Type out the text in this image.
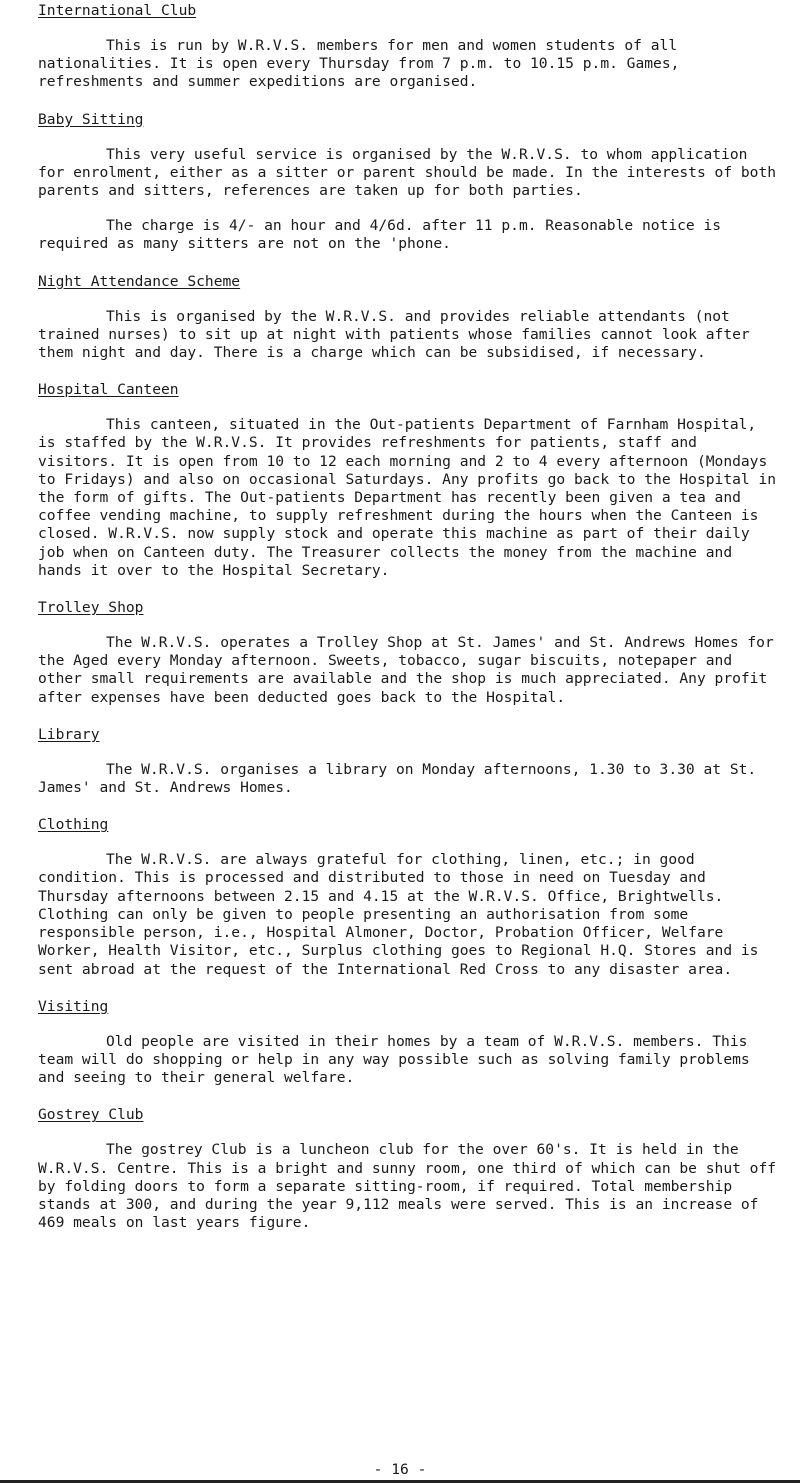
International Club

This is run by W.R.V.S. members for men and women students of all nationalities. It is open every Thursday from 7 p.m. to 10.15 p.m. Games, refreshments and summer expeditions are organised.

Baby Sitting

This very useful service is organised by the W.R.V.S. to whom application for enrolment, either as a sitter or parent should be made. In the interests of both parents and sitters, references are taken up for both parties.

The charge is 4/- an hour and 4/6d. after 11 p.m. Reasonable notice is required as many sitters are not on the 'phone.

Night Attendance Scheme

This is organised by the W.R.V.S. and provides reliable attendants (not trained nurses) to sit up at night with patients whose families cannot look after them night and day. There is a charge which can be subsidised, if necessary.

Hospital Canteen

This canteen, situated in the Out-patients Department of Farnham Hospital, is staffed by the W.R.V.S. It provides refreshments for patients, staff and visitors. It is open from 10 to 12 each morning and 2 to 4 every afternoon (Mondays to Fridays) and also on occasional Saturdays. Any profits go back to the Hospital in the form of gifts. The Out-patients Department has recently been given a tea and coffee vending machine, to supply refreshment during the hours when the Canteen is closed. W.R.V.S. now supply stock and operate this machine as part of their daily job when on Canteen duty. The Treasurer collects the money from the machine and hands it over to the Hospital Secretary.

Trolley Shop

The W.R.V.S. operates a Trolley Shop at St. James' and St. Andrews Homes for the Aged every Monday afternoon. Sweets, tobacco, sugar biscuits, notepaper and other small requirements are available and the shop is much appreciated. Any profit after expenses have been deducted goes back to the Hospital.

Library

The W.R.V.S. organises a library on Monday afternoons, 1.30 to 3.30 at St. James' and St. Andrews Homes.

Clothing

The W.R.V.S. are always grateful for clothing, linen, etc.; in good condition. This is processed and distributed to those in need on Tuesday and Thursday afternoons between 2.15 and 4.15 at the W.R.V.S. Office, Brightwells. Clothing can only be given to people presenting an authorisation from some responsible person, i.e., Hospital Almoner, Doctor, Probation Officer, Welfare Worker, Health Visitor, etc., Surplus clothing goes to Regional H.Q. Stores and is sent abroad at the request of the International Red Cross to any disaster area.

Visiting

Old people are visited in their homes by a team of W.R.V.S. members. This team will do shopping or help in any way possible such as solving family problems and seeing to their general welfare.

Gostrey Club

The gostrey Club is a luncheon club for the over 60's. It is held in the W.R.V.S. Centre. This is a bright and sunny room, one third of which can be shut off by folding doors to form a separate sitting-room, if required. Total membership stands at 300, and during the year 9,112 meals were served. This is an increase of 469 meals on last years figure.

- 16 -
